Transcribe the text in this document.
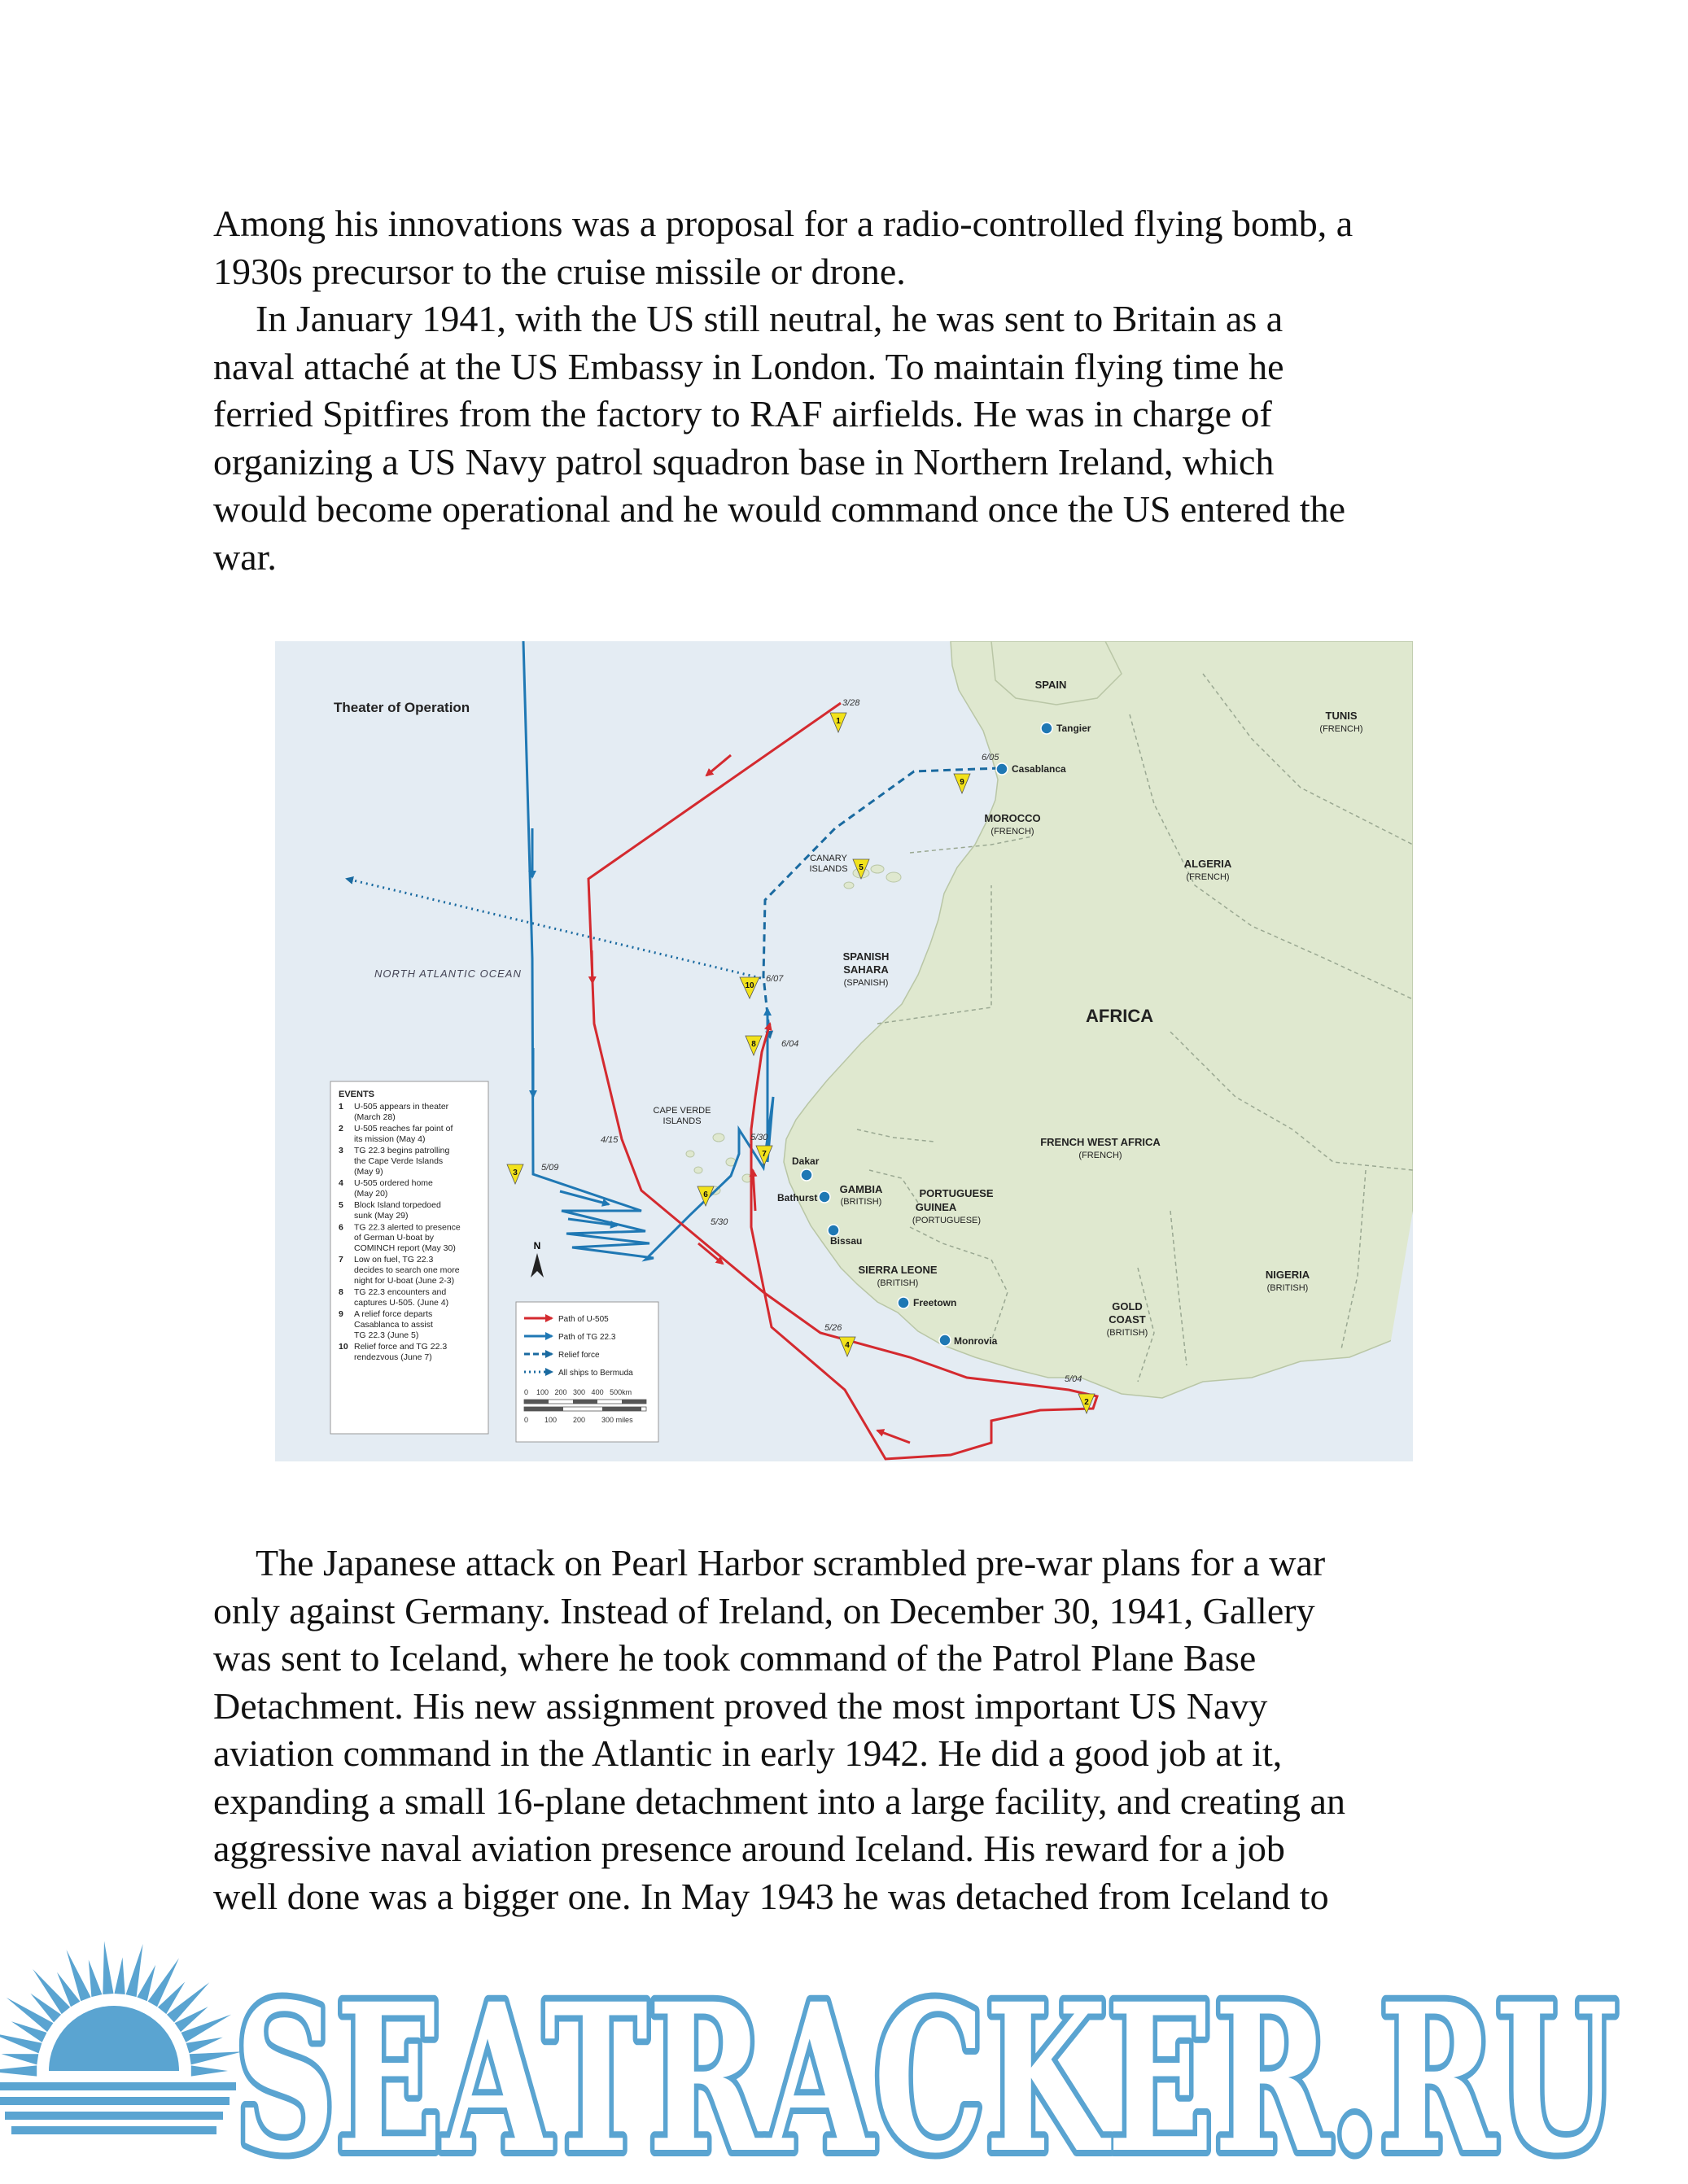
Among his innovations was a proposal for a radio-controlled flying bomb, a
1930s precursor to the cruise missile or drone.
In January 1941, with the US still neutral, he was sent to Britain as a
naval attaché at the US Embassy in London. To maintain flying time he
ferried Spitfires from the factory to RAF airfields. He was in charge of
organizing a US Navy patrol squadron base in Northern Ireland, which
would become operational and he would command once the US entered the
war.
Theater of Operation
NORTH ATLANTIC OCEAN
AFRICA
SPAIN
TUNIS
(FRENCH)
MOROCCO
(FRENCH)
ALGERIA
(FRENCH)
SPANISH
SAHARA
(SPANISH)
FRENCH WEST AFRICA
(FRENCH)
GAMBIA
(BRITISH)
PORTUGUESE
GUINEA
(PORTUGUESE)
SIERRA LEONE
(BRITISH)
GOLD
COAST
(BRITISH)
NIGERIA
(BRITISH)
CANARY
ISLANDS
CAPE VERDE
ISLANDS
Tangier
Casablanca
Dakar
Bathurst
Bissau
Freetown
Monrovia
3/28
6/05
6/07
6/04
5/30
5/30
4/15
5/09
5/26
5/04
1
2
3
4
5
6
7
8
9
10
N
EVENTS
1 U-505 appears in theater
(March 28)
2 U-505 reaches far point of
its mission (May 4)
3 TG 22.3 begins patrolling
the Cape Verde Islands
(May 9)
4 U-505 ordered home
(May 20)
5 Block Island torpedoed
sunk (May 29)
6 TG 22.3 alerted to presence
of German U-boat by
COMINCH report (May 30)
7 Low on fuel, TG 22.3
decides to search one more
night for U-boat (June 2-3)
8 TG 22.3 encounters and
captures U-505. (June 4)
9 A relief force departs
Casablanca to assist
TG 22.3 (June 5)
10 Relief force and TG 22.3
rendezvous (June 7)
Path of U-505
Path of TG 22.3
Relief force
All ships to Bermuda
0    100   200   300   400   500km
0        100        200        300 miles

The Japanese attack on Pearl Harbor scrambled pre-war plans for a war
only against Germany. Instead of Ireland, on December 30, 1941, Gallery
was sent to Iceland, where he took command of the Patrol Plane Base
Detachment. His new assignment proved the most important US Navy
aviation command in the Atlantic in early 1942. He did a good job at it,
expanding a small 16-plane detachment into a large facility, and creating an
aggressive naval aviation presence around Iceland. His reward for a job
well done was a bigger one. In May 1943 he was detached from Iceland to

SEATRACKER.RU
